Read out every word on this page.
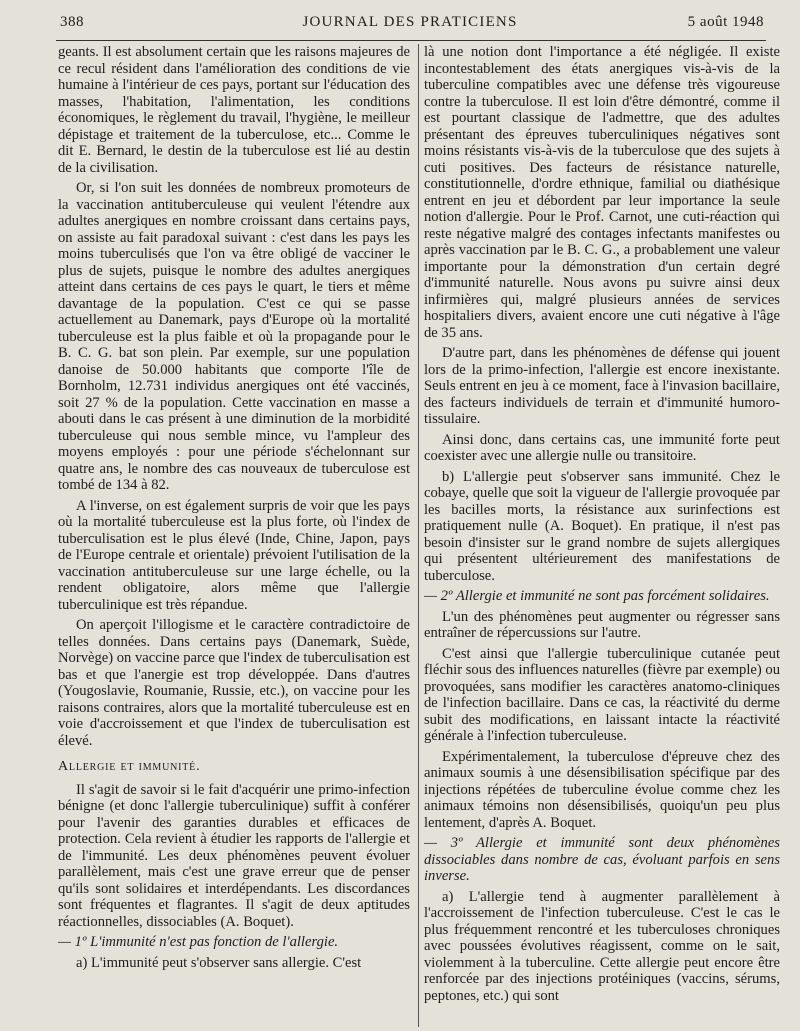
388	JOURNAL DES PRATICIENS	5 août 1948

geants. Il est absolument certain que les raisons majeures de ce recul résident dans l'amélioration des conditions de vie humaine à l'intérieur de ces pays, portant sur l'éducation des masses, l'habitation, l'alimentation, les conditions économiques, le règlement du travail, l'hygiène, le meilleur dépistage et traitement de la tuberculose, etc... Comme le dit E. Bernard, le destin de la tuberculose est lié au destin de la civilisation.

Or, si l'on suit les données de nombreux promoteurs de la vaccination antituberculeuse qui veulent l'étendre aux adultes anergiques en nombre croissant dans certains pays, on assiste au fait paradoxal suivant : c'est dans les pays les moins tuberculisés que l'on va être obligé de vacciner le plus de sujets, puisque le nombre des adultes anergiques atteint dans certains de ces pays le quart, le tiers et même davantage de la population. C'est ce qui se passe actuellement au Danemark, pays d'Europe où la mortalité tuberculeuse est la plus faible et où la propagande pour le B. C. G. bat son plein. Par exemple, sur une population danoise de 50.000 habitants que comporte l'île de Bornholm, 12.731 individus anergiques ont été vaccinés, soit 27 % de la population. Cette vaccination en masse a abouti dans le cas présent à une diminution de la morbidité tuberculeuse qui nous semble mince, vu l'ampleur des moyens employés : pour une période s'échelonnant sur quatre ans, le nombre des cas nouveaux de tuberculose est tombé de 134 à 82.

A l'inverse, on est également surpris de voir que les pays où la mortalité tuberculeuse est la plus forte, où l'index de tuberculisation est le plus élevé (Inde, Chine, Japon, pays de l'Europe centrale et orientale) prévoient l'utilisation de la vaccination antituberculeuse sur une large échelle, ou la rendent obligatoire, alors même que l'allergie tuberculinique est très répandue.

On aperçoit l'illogisme et le caractère contradictoire de telles données. Dans certains pays (Danemark, Suède, Norvège) on vaccine parce que l'index de tuberculisation est bas et que l'anergie est trop développée. Dans d'autres (Yougoslavie, Roumanie, Russie, etc.), on vaccine pour les raisons contraires, alors que la mortalité tuberculeuse est en voie d'accroissement et que l'index de tuberculisation est élevé.

Allergie et immunité.

Il s'agit de savoir si le fait d'acquérir une primo-infection bénigne (et donc l'allergie tuberculinique) suffit à conférer pour l'avenir des garanties durables et efficaces de protection. Cela revient à étudier les rapports de l'allergie et de l'immunité. Les deux phénomènes peuvent évoluer parallèlement, mais c'est une grave erreur que de penser qu'ils sont solidaires et interdépendants. Les discordances sont fréquentes et flagrantes. Il s'agit de deux aptitudes réactionnelles, dissociables (A. Boquet).

— 1º L'immunité n'est pas fonction de l'allergie.

a) L'immunité peut s'observer sans allergie. C'est

là une notion dont l'importance a été négligée. Il existe incontestablement des états anergiques vis-à-vis de la tuberculine compatibles avec une défense très vigoureuse contre la tuberculose. Il est loin d'être démontré, comme il est pourtant classique de l'admettre, que des adultes présentant des épreuves tuberculiniques négatives sont moins résistants vis-à-vis de la tuberculose que des sujets à cuti positives. Des facteurs de résistance naturelle, constitutionnelle, d'ordre ethnique, familial ou diathésique entrent en jeu et débordent par leur importance la seule notion d'allergie. Pour le Prof. Carnot, une cuti-réaction qui reste négative malgré des contages infectants manifestes ou après vaccination par le B. C. G., a probablement une valeur importante pour la démonstration d'un certain degré d'immunité naturelle. Nous avons pu suivre ainsi deux infirmières qui, malgré plusieurs années de services hospitaliers divers, avaient encore une cuti négative à l'âge de 35 ans.

D'autre part, dans les phénomènes de défense qui jouent lors de la primo-infection, l'allergie est encore inexistante. Seuls entrent en jeu à ce moment, face à l'invasion bacillaire, des facteurs individuels de terrain et d'immunité humoro-tissulaire.

Ainsi donc, dans certains cas, une immunité forte peut coexister avec une allergie nulle ou transitoire.

b) L'allergie peut s'observer sans immunité. Chez le cobaye, quelle que soit la vigueur de l'allergie provoquée par les bacilles morts, la résistance aux surinfections est pratiquement nulle (A. Boquet). En pratique, il n'est pas besoin d'insister sur le grand nombre de sujets allergiques qui présentent ultérieurement des manifestations de tuberculose.

— 2º Allergie et immunité ne sont pas forcément solidaires.

L'un des phénomènes peut augmenter ou régresser sans entraîner de répercussions sur l'autre.

C'est ainsi que l'allergie tuberculinique cutanée peut fléchir sous des influences naturelles (fièvre par exemple) ou provoquées, sans modifier les caractères anatomo-cliniques de l'infection bacillaire. Dans ce cas, la réactivité du derme subit des modifications, en laissant intacte la réactivité générale à l'infection tuberculeuse.

Expérimentalement, la tuberculose d'épreuve chez des animaux soumis à une désensibilisation spécifique par des injections répétées de tuberculine évolue comme chez les animaux témoins non désensibilisés, quoiqu'un peu plus lentement, d'après A. Boquet.

— 3º Allergie et immunité sont deux phénomènes dissociables dans nombre de cas, évoluant parfois en sens inverse.

a) L'allergie tend à augmenter parallèlement à l'accroissement de l'infection tuberculeuse. C'est le cas le plus fréquemment rencontré et les tuberculoses chroniques avec poussées évolutives réagissent, comme on le sait, violemment à la tuberculine. Cette allergie peut encore être renforcée par des injections protéiniques (vaccins, sérums, peptones, etc.) qui sont
